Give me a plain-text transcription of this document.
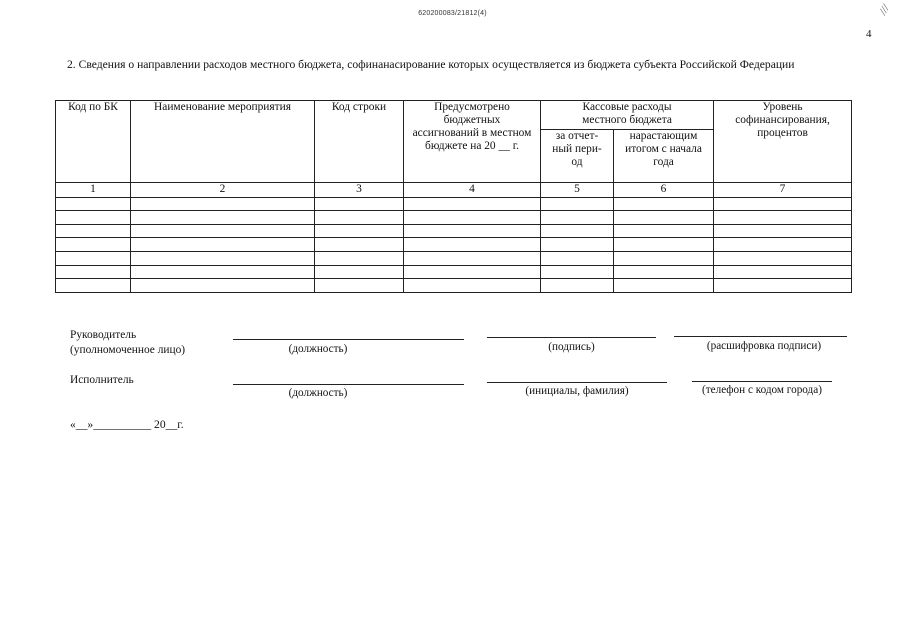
620200083/21812(4)	///
4
2. Сведения о направлении расходов местного бюджета, софинанасирование которых осуществляется из бюджета субъекта Российской Федерации
Код по БК	Наименование мероприятия	Код строки	Предусмотрено бюджетных ассигнований в местном бюджете на 20 __ г.	Кассовые расходы местного бюджета		Уровень софинансирования, процентов
				за отчет-ный пери-од	нарастающим итогом с начала года	
1	2	3	4	5	6	7

Руководитель
(уполномоченное лицо)	(должность)	(подпись)	(расшифровка подписи)
Исполнитель
(должность)	(инициалы, фамилия)	(телефон с кодом города)
«__»__________ 20__г.
